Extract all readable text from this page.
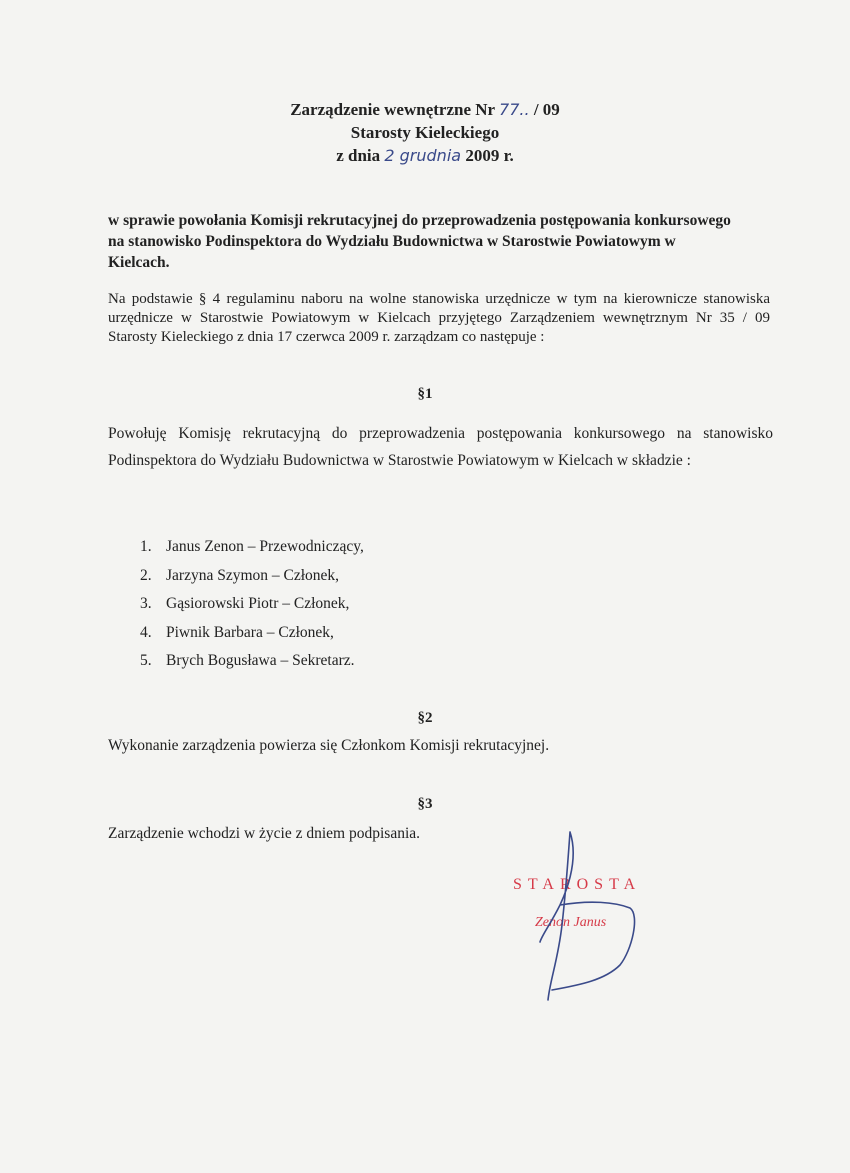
Zarządzenie wewnętrzne Nr 77.. / 09
Starosty Kieleckiego
z dnia 2 grudnia 2009 r.
w sprawie powołania Komisji rekrutacyjnej do przeprowadzenia postępowania konkursowego na stanowisko Podinspektora do Wydziału Budownictwa w Starostwie Powiatowym w Kielcach.
Na podstawie § 4 regulaminu naboru na wolne stanowiska urzędnicze w tym na kierownicze stanowiska urzędnicze w Starostwie Powiatowym w Kielcach przyjętego Zarządzeniem wewnętrznym Nr 35 / 09 Starosty Kieleckiego z dnia 17 czerwca 2009 r. zarządzam co następuje :
§1
Powołuję Komisję rekrutacyjną do przeprowadzenia postępowania konkursowego na stanowisko Podinspektora do Wydziału Budownictwa w Starostwie Powiatowym w Kielcach w składzie :
1. Janus Zenon – Przewodniczący,
2. Jarzyna Szymon – Członek,
3. Gąsiorowski Piotr – Członek,
4. Piwnik Barbara – Członek,
5. Brych Bogusława – Sekretarz.
§2
Wykonanie zarządzenia powierza się Członkom Komisji rekrutacyjnej.
§3
Zarządzenie wchodzi w życie z dniem podpisania.
STAROSTA
Zenon Janus
